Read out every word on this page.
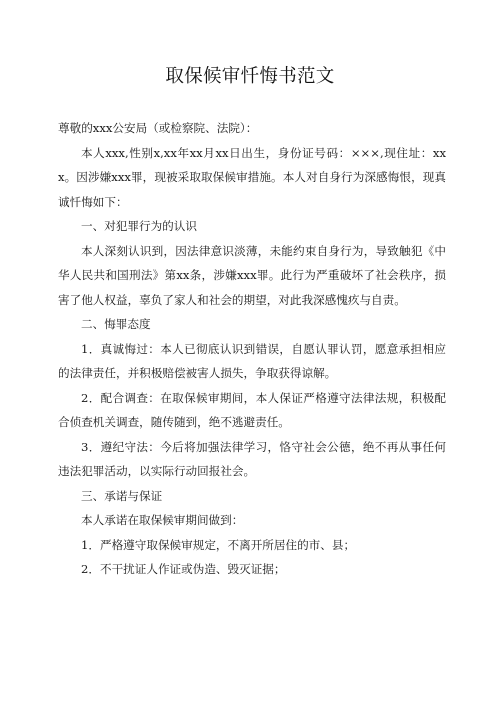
取保候审忏悔书范文

尊敬的xxx公安局（或检察院、法院）：

本人xxx,性别x,xx年xx月xx日出生，身份证号码：×××,现住址：xxx。因涉嫌xxx罪，现被采取取保候审措施。本人对自身行为深感悔恨，现真诚忏悔如下：

一、对犯罪行为的认识

本人深刻认识到，因法律意识淡薄，未能约束自身行为，导致触犯《中华人民共和国刑法》第xx条，涉嫌xxx罪。此行为严重破坏了社会秩序，损害了他人权益，辜负了家人和社会的期望，对此我深感愧疚与自责。

二、悔罪态度

1．真诚悔过：本人已彻底认识到错误，自愿认罪认罚，愿意承担相应的法律责任，并积极赔偿被害人损失，争取获得谅解。

2．配合调查：在取保候审期间，本人保证严格遵守法律法规，积极配合侦查机关调查，随传随到，绝不逃避责任。

3．遵纪守法：今后将加强法律学习，恪守社会公德，绝不再从事任何违法犯罪活动，以实际行动回报社会。

三、承诺与保证

本人承诺在取保候审期间做到：

1．严格遵守取保候审规定，不离开所居住的市、县；

2．不干扰证人作证或伪造、毁灭证据；
